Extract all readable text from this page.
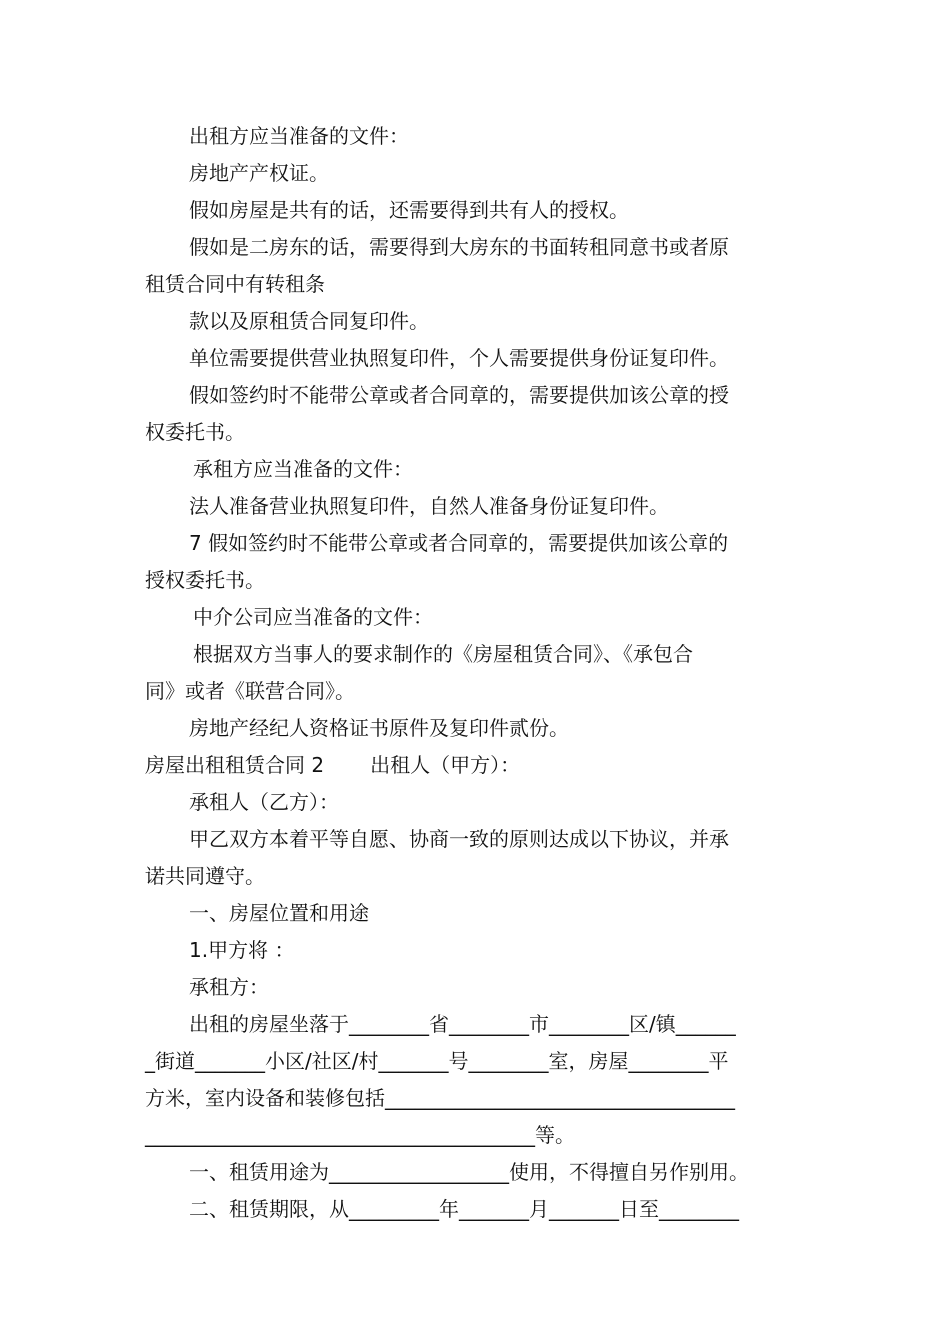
出租方应当准备的文件：
房地产产权证。
假如房屋是共有的话，还需要得到共有人的授权。
假如是二房东的话，需要得到大房东的书面转租同意书或者原
租赁合同中有转租条
款以及原租赁合同复印件。
单位需要提供营业执照复印件，个人需要提供身份证复印件。
假如签约时不能带公章或者合同章的，需要提供加该公章的授
权委托书。
承租方应当准备的文件：
法人准备营业执照复印件，自然人准备身份证复印件。
7 假如签约时不能带公章或者合同章的，需要提供加该公章的
授权委托书。
中介公司应当准备的文件：
根据双方当事人的要求制作的《房屋租赁合同》、《承包合
同》或者《联营合同》。
房地产经纪人资格证书原件及复印件贰份。
房屋出租租赁合同 2 出租人（甲方）：
承租人（乙方）：
甲乙双方本着平等自愿、协商一致的原则达成以下协议，并承
诺共同遵守。
一、房屋位置和用途
1.甲方将 ：
承租方：
出租的房屋坐落于________省________市________区/镇______
_街道_______小区/社区/村_______号________室，房屋________平
方米，室内设备和装修包括___________________________________
_______________________________________等。
一、租赁用途为__________________使用，不得擅自另作别用。
二、租赁期限，从_________年_______月_______日至________
